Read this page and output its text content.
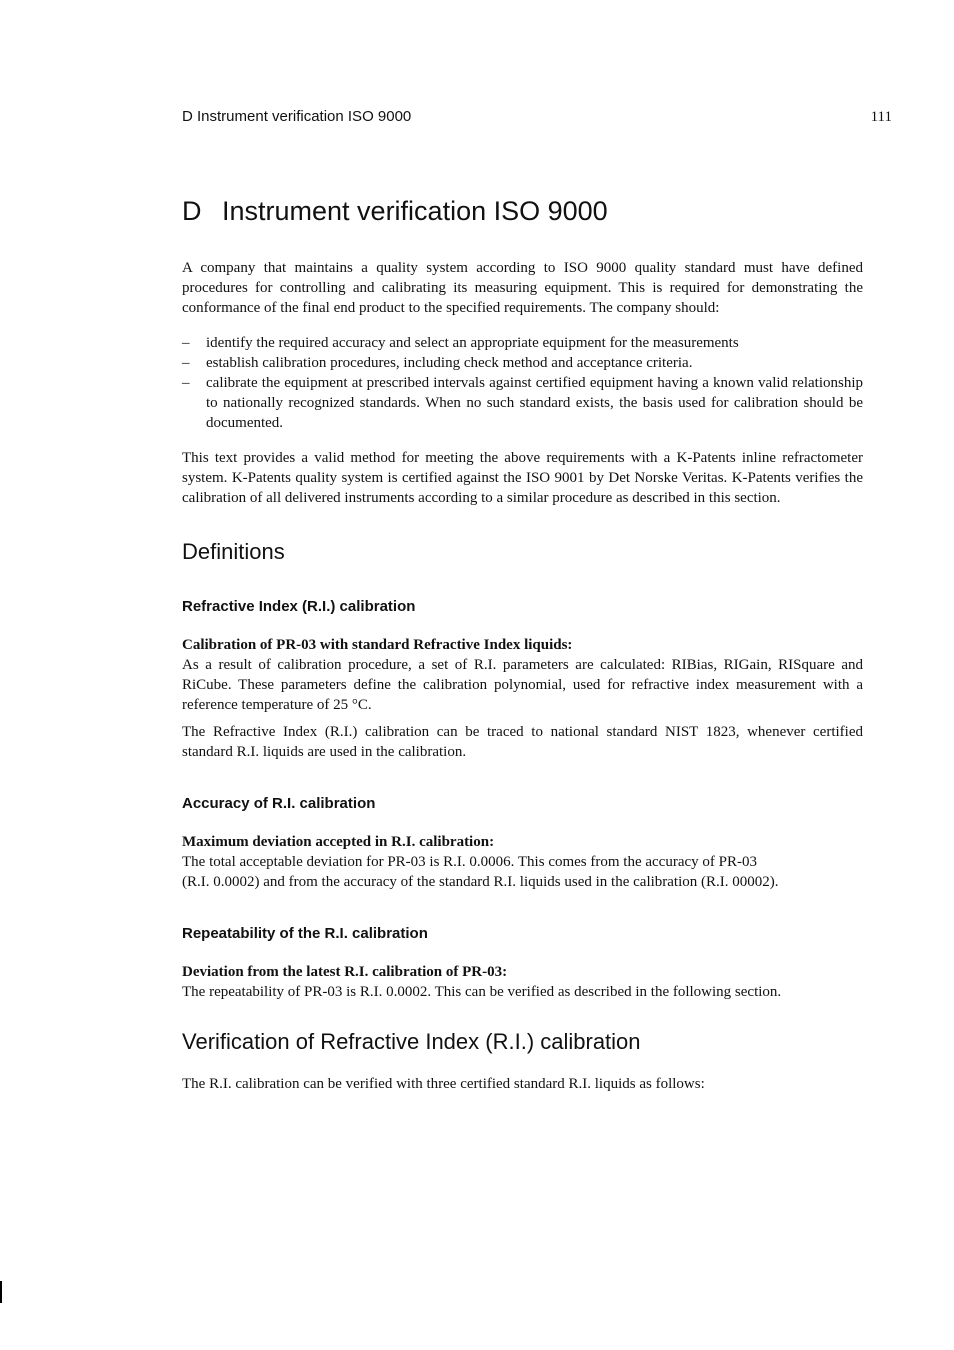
D Instrument verification ISO 9000	111
D Instrument verification ISO 9000

A company that maintains a quality system according to ISO 9000 quality standard must have defined procedures for controlling and calibrating its measuring equipment. This is required for demonstrating the conformance of the final end product to the specified requirements. The company should:

–	identify the required accuracy and select an appropriate equipment for the measurements
–	establish calibration procedures, including check method and acceptance criteria.
–	calibrate the equipment at prescribed intervals against certified equipment having a known valid relationship to nationally recognized standards. When no such standard exists, the basis used for calibration should be documented.

This text provides a valid method for meeting the above requirements with a K-Patents inline refractometer system. K-Patents quality system is certified against the ISO 9001 by Det Norske Veritas. K-Patents verifies the calibration of all delivered instruments according to a similar procedure as described in this section.

Definitions
Refractive Index (R.I.) calibration

Calibration of PR-03 with standard Refractive Index liquids:
As a result of calibration procedure, a set of R.I. parameters are calculated: RIBias, RIGain, RISquare and RiCube. These parameters define the calibration polynomial, used for refractive index measurement with a reference temperature of 25 °C.

The Refractive Index (R.I.) calibration can be traced to national standard NIST 1823, whenever certified standard R.I. liquids are used in the calibration.

Accuracy of R.I. calibration

Maximum deviation accepted in R.I. calibration:
The total acceptable deviation for PR-03 is R.I. 0.0006. This comes from the accuracy of PR-03
(R.I. 0.0002) and from the accuracy of the standard R.I. liquids used in the calibration (R.I. 00002).

Repeatability of the R.I. calibration

Deviation from the latest R.I. calibration of PR-03:
The repeatability of PR-03 is R.I. 0.0002. This can be verified as described in the following section.

Verification of Refractive Index (R.I.) calibration

The R.I. calibration can be verified with three certified standard R.I. liquids as follows:
